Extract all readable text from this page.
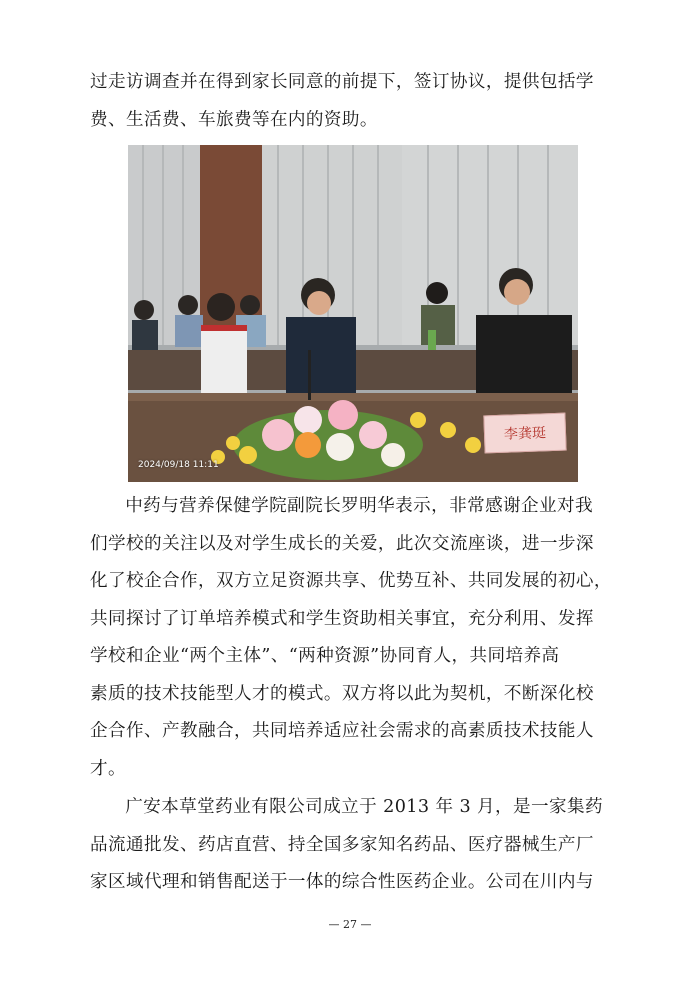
过走访调查并在得到家长同意的前提下，签订协议，提供包括学
费、生活费、车旅费等在内的资助。

2024/09/18 11:11
李龚珽

中药与营养保健学院副院长罗明华表示，非常感谢企业对我
们学校的关注以及对学生成长的关爱，此次交流座谈，进一步深
化了校企合作，双方立足资源共享、优势互补、共同发展的初心，
共同探讨了订单培养模式和学生资助相关事宜，充分利用、发挥
学校和企业“两个主体”、“两种资源”协同育人，共同培养高
素质的技术技能型人才的模式。双方将以此为契机，不断深化校
企合作、产教融合，共同培养适应社会需求的高素质技术技能人
才。

广安本草堂药业有限公司成立于 2013 年 3 月，是一家集药
品流通批发、药店直营、持全国多家知名药品、医疗器械生产厂
家区域代理和销售配送于一体的综合性医药企业。公司在川内与

— 27 —
